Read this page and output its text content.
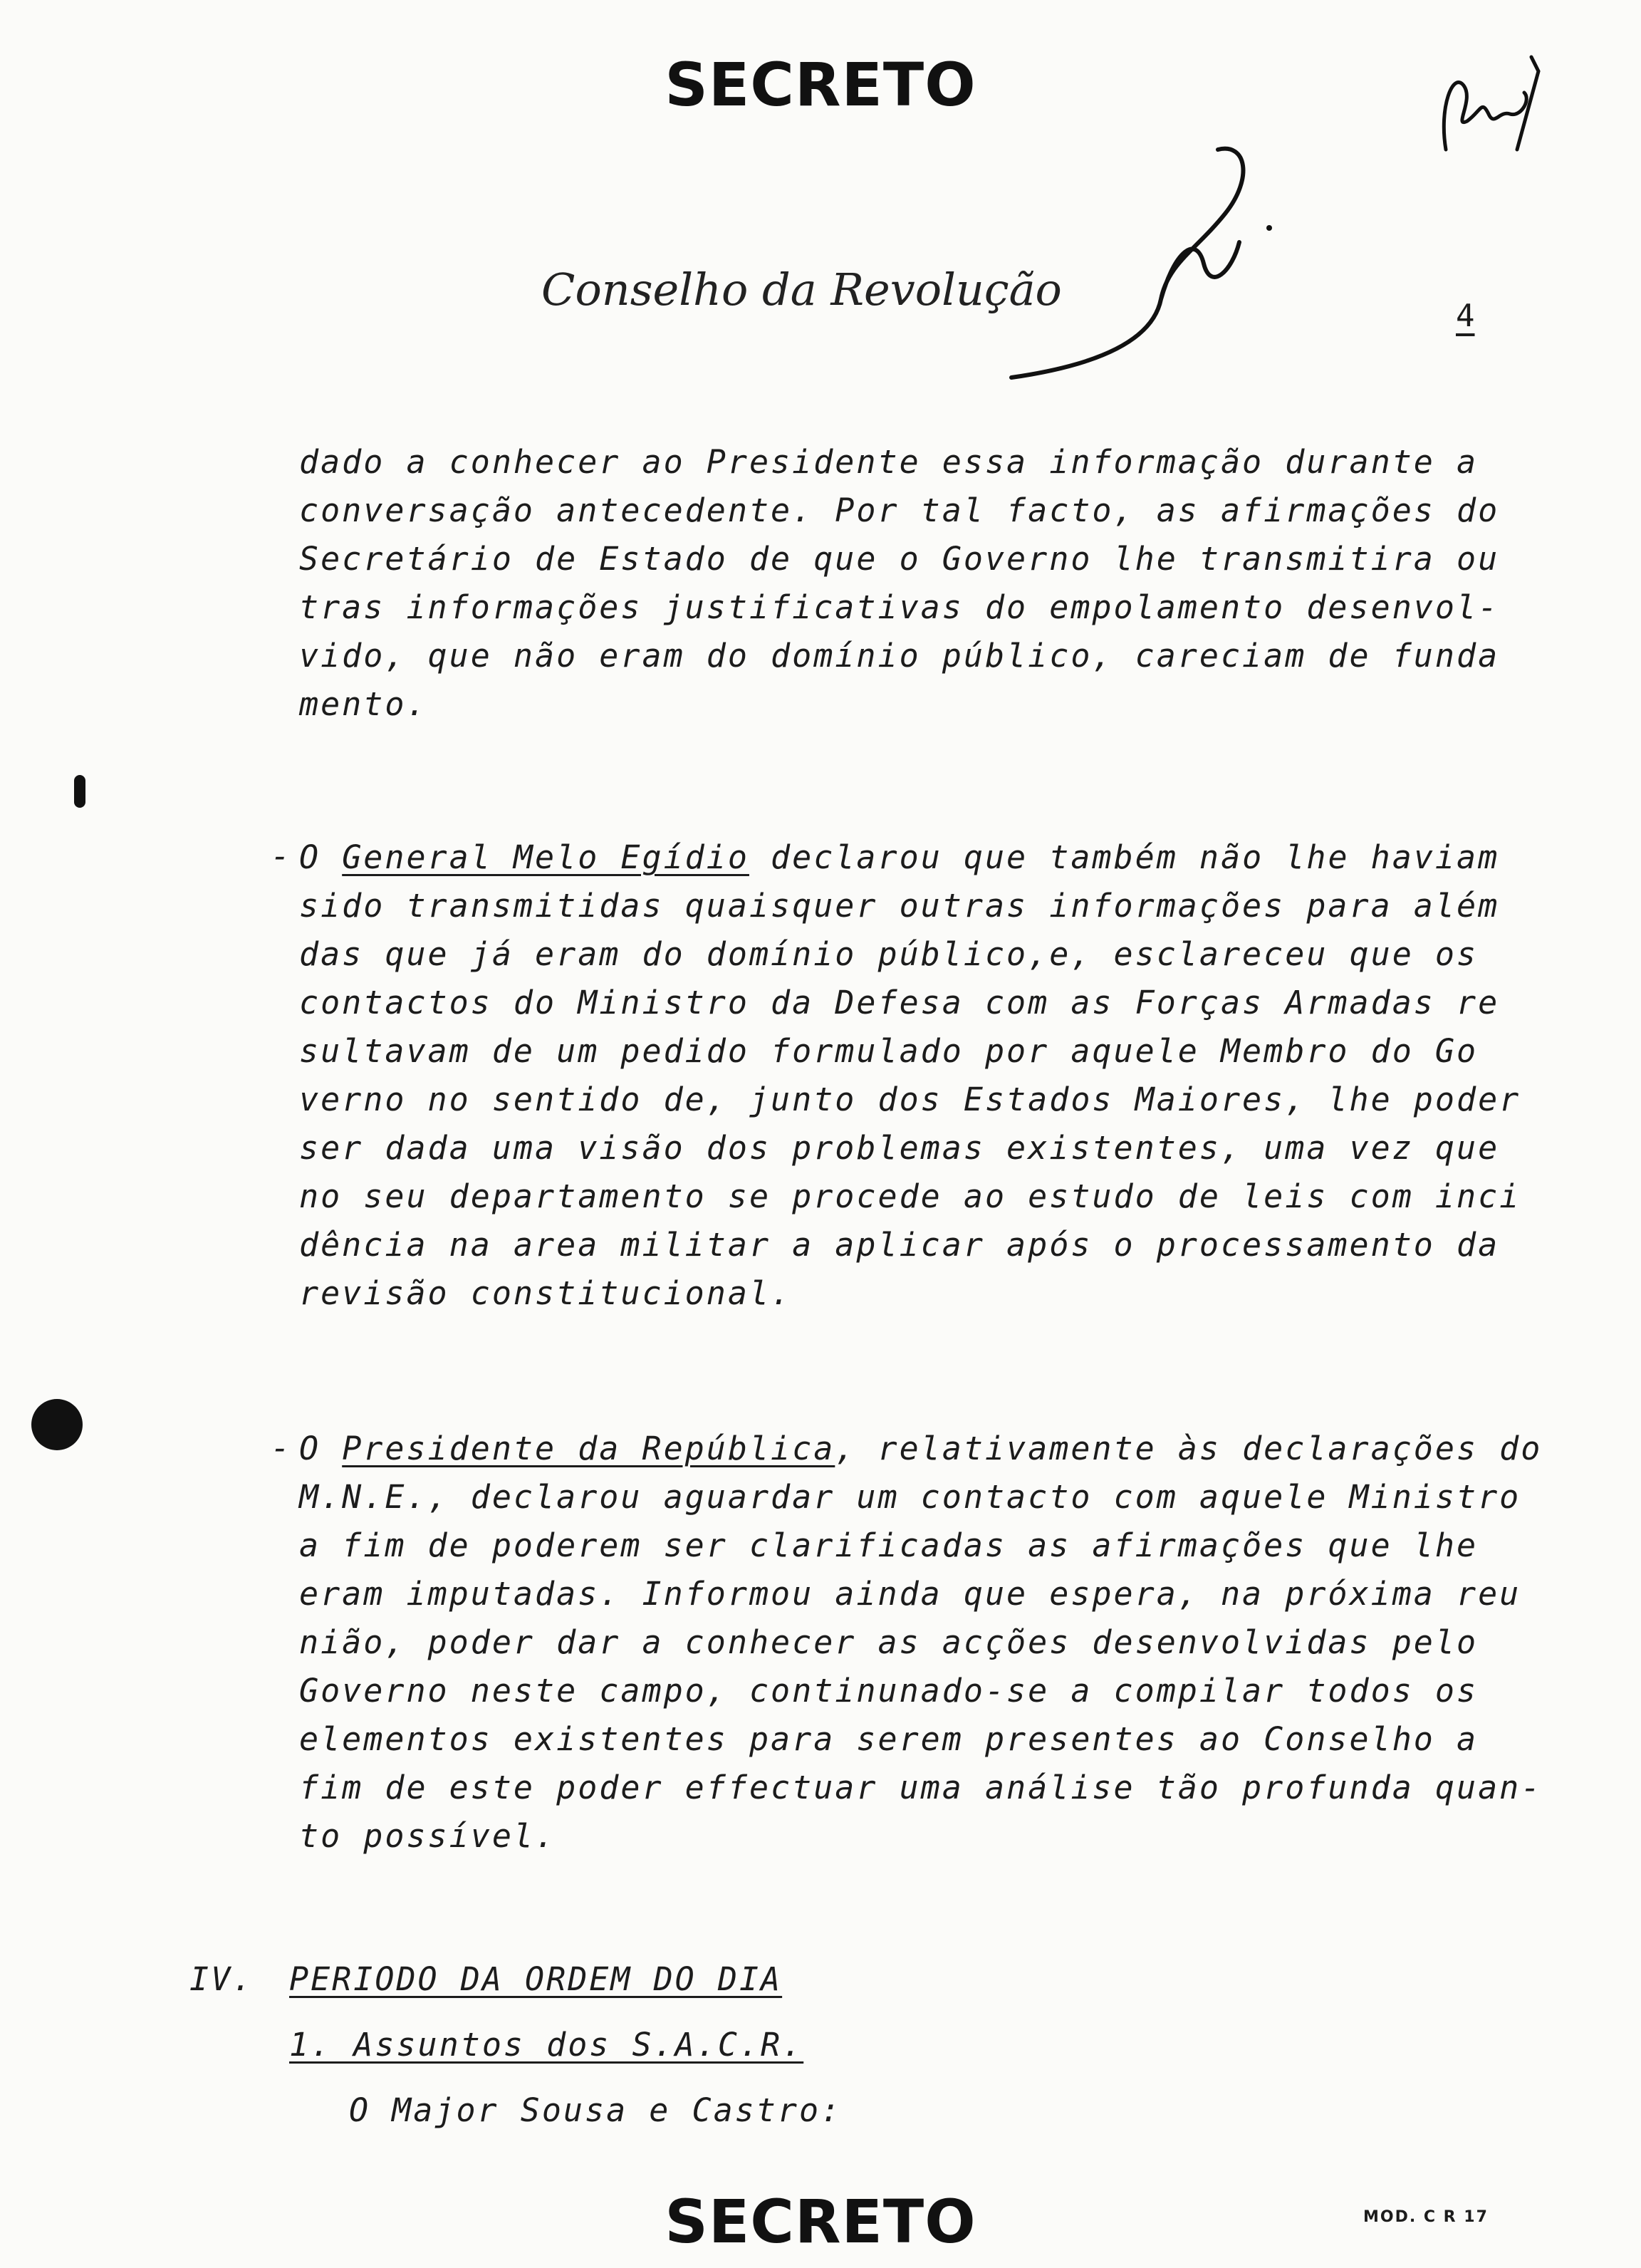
SECRETO
Conselho da Revolução
4
dado a conhecer ao Presidente essa informação durante a
conversação antecedente. Por tal facto, as afirmações do
Secretário de Estado de que o Governo lhe transmitira ou
tras informações justificativas do empolamento desenvol-
vido, que não eram do domínio público, careciam de funda
mento.
- O General Melo Egídio declarou que também não lhe haviam
sido transmitidas quaisquer outras informações para além
das que já eram do domínio público,e, esclareceu que os
contactos do Ministro da Defesa com as Forças Armadas re
sultavam de um pedido formulado por aquele Membro do Go
verno no sentido de, junto dos Estados Maiores, lhe poder
ser dada uma visão dos problemas existentes, uma vez que
no seu departamento se procede ao estudo de leis com inci
dência na area militar a aplicar após o processamento da
revisão constitucional.
- O Presidente da República, relativamente às declarações do
M.N.E., declarou aguardar um contacto com aquele Ministro
a fim de poderem ser clarificadas as afirmações que lhe
eram imputadas. Informou ainda que espera, na próxima reu
nião, poder dar a conhecer as acções desenvolvidas pelo
Governo neste campo, continunado-se a compilar todos os
elementos existentes para serem presentes ao Conselho a
fim de este poder effectuar uma análise tão profunda quan-
to possível.
IV. PERIODO DA ORDEM DO DIA
1. Assuntos dos S.A.C.R.
O Major Sousa e Castro:
SECRETO	MOD. C R 17
